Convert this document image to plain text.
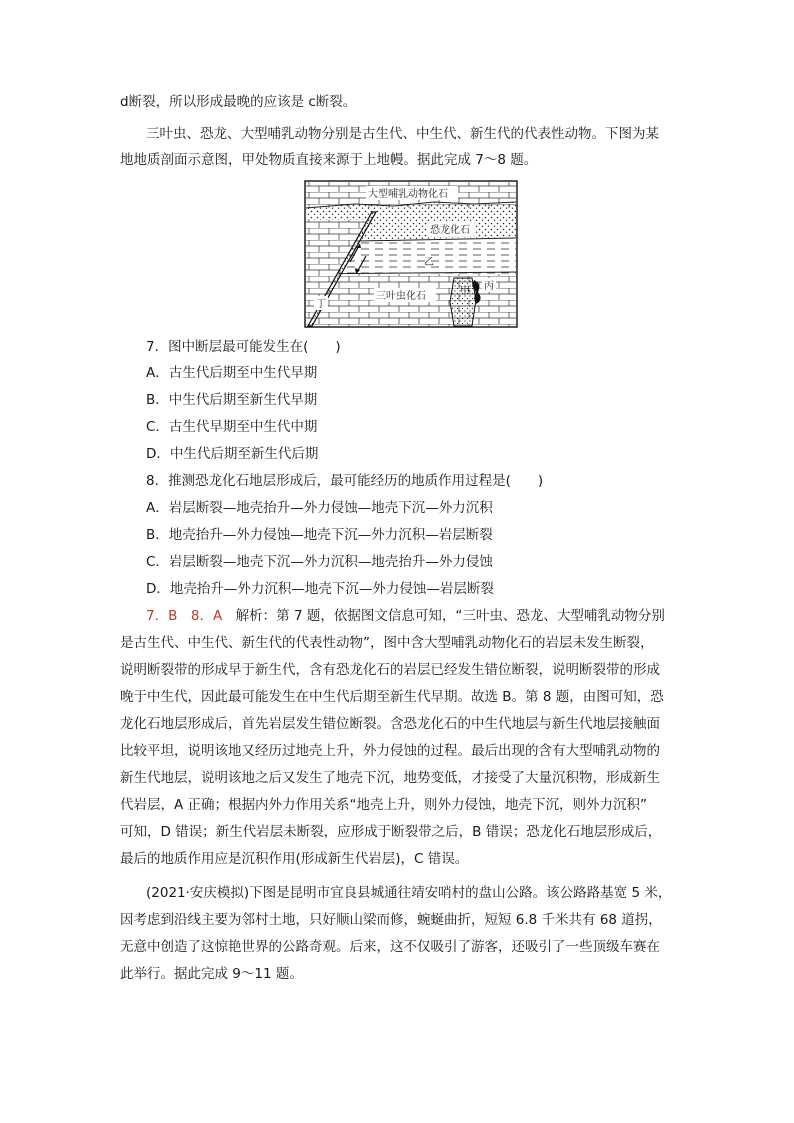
d断裂，所以形成最晚的应该是 c断裂。
三叶虫、恐龙、大型哺乳动物分别是古生代、中生代、新生代的代表性动物。下图为某
地地质剖面示意图，甲处物质直接来源于上地幔。据此完成 7～8 题。
大型哺乳动物化石
恐龙化石
乙
丁
三叶虫化石	甲 丙
7．图中断层最可能发生在(　　)
A．古生代后期至中生代早期
B．中生代后期至新生代早期
C．古生代早期至中生代中期
D．中生代后期至新生代后期
8．推测恐龙化石地层形成后，最可能经历的地质作用过程是(　　)
A．岩层断裂—地壳抬升—外力侵蚀—地壳下沉—外力沉积
B．地壳抬升—外力侵蚀—地壳下沉—外力沉积—岩层断裂
C．岩层断裂—地壳下沉—外力沉积—地壳抬升—外力侵蚀
D．地壳抬升—外力沉积—地壳下沉—外力侵蚀—岩层断裂
7．B　8．A　解析：第 7 题，依据图文信息可知，“三叶虫、恐龙、大型哺乳动物分别
是古生代、中生代、新生代的代表性动物”，图中含大型哺乳动物化石的岩层未发生断裂，
说明断裂带的形成早于新生代，含有恐龙化石的岩层已经发生错位断裂，说明断裂带的形成
晚于中生代，因此最可能发生在中生代后期至新生代早期。故选 B。第 8 题，由图可知，恐
龙化石地层形成后，首先岩层发生错位断裂。含恐龙化石的中生代地层与新生代地层接触面
比较平坦，说明该地又经历过地壳上升，外力侵蚀的过程。最后出现的含有大型哺乳动物的
新生代地层，说明该地之后又发生了地壳下沉，地势变低，才接受了大量沉积物，形成新生
代岩层，A 正确；根据内外力作用关系“地壳上升，则外力侵蚀，地壳下沉，则外力沉积”
可知，D 错误；新生代岩层未断裂，应形成于断裂带之后，B 错误；恐龙化石地层形成后，
最后的地质作用应是沉积作用(形成新生代岩层)，C 错误。
(2021·安庆模拟)下图是昆明市宜良县城通往靖安哨村的盘山公路。该公路路基宽 5 米，
因考虑到沿线主要为邻村土地，只好顺山梁而修，蜿蜒曲折，短短 6.8 千米共有 68 道拐，
无意中创造了这惊艳世界的公路奇观。后来，这不仅吸引了游客，还吸引了一些顶级车赛在
此举行。据此完成 9～11 题。
